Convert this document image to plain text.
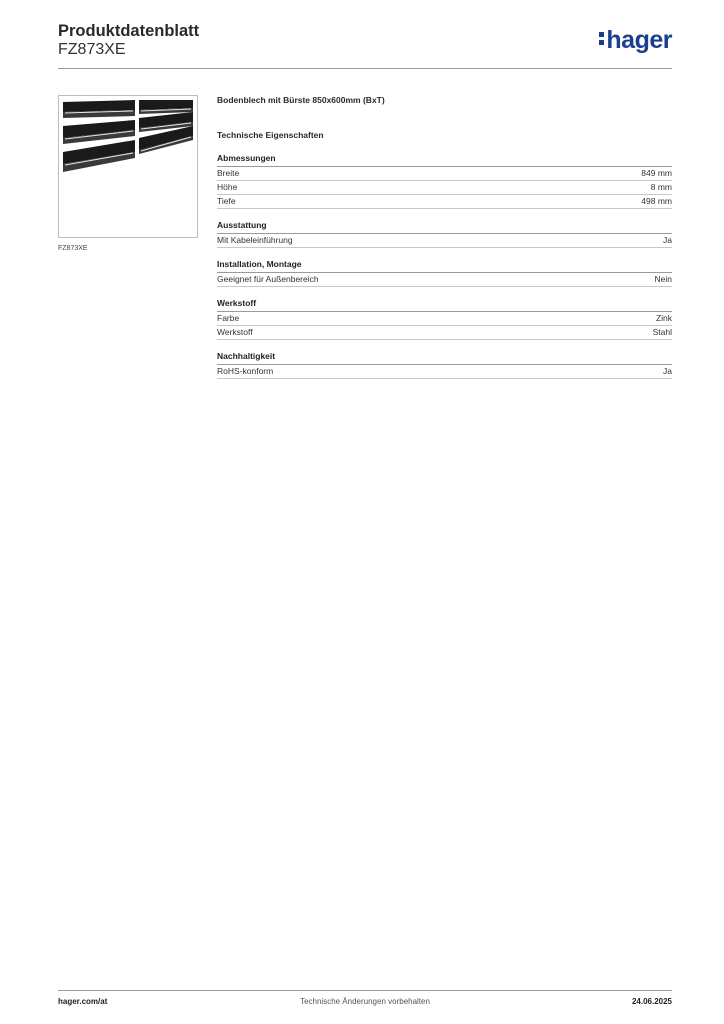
Produktdatenblatt
FZ873XE	hager
FZ873XE
Bodenblech mit Bürste 850x600mm (BxT)
Technische Eigenschaften
Abmessungen
Breite	849 mm
Höhe	8 mm
Tiefe	498 mm
Ausstattung
Mit Kabeleinführung	Ja
Installation, Montage
Geeignet für Außenbereich	Nein
Werkstoff
Farbe	Zink
Werkstoff	Stahl
Nachhaltigkeit
RoHS-konform	Ja
Technische Änderungen vorbehalten
hager.com/at	24.06.2025
